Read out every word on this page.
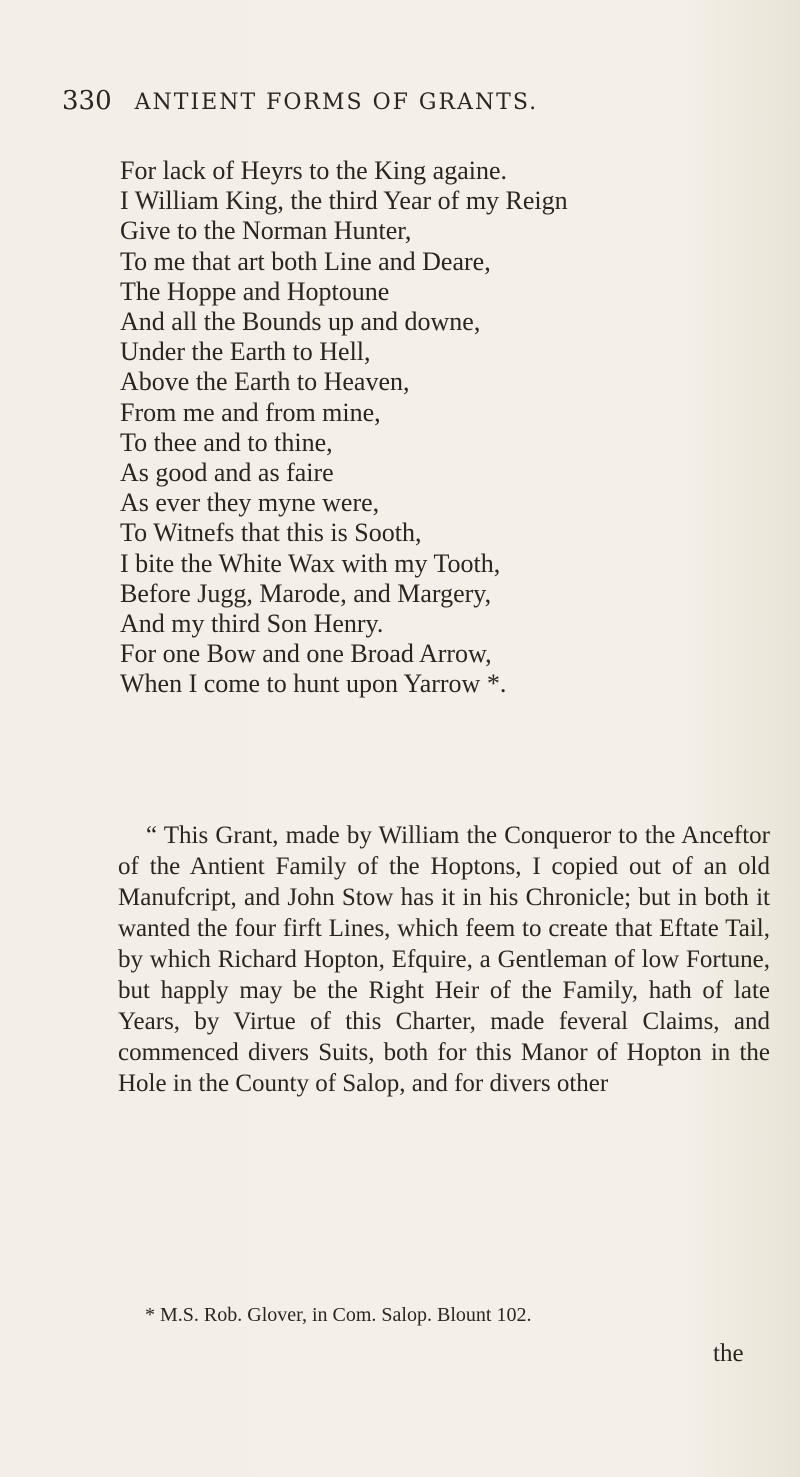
330 ANTIENT FORMS OF GRANTS.
For lack of Heyrs to the King againe.
I William King, the third Year of my Reign
Give to the Norman Hunter,
To me that art both Line and Deare,
The Hoppe and Hoptoune
And all the Bounds up and downe,
Under the Earth to Hell,
Above the Earth to Heaven,
From me and from mine,
To thee and to thine,
As good and as faire
As ever they myne were,
To Witnefs that this is Sooth,
I bite the White Wax with my Tooth,
Before Jugg, Marode, and Margery,
And my third Son Henry.
For one Bow and one Broad Arrow,
When I come to hunt upon Yarrow *.
“ This Grant, made by William the Conqueror to the Anceftor of the Antient Family of the Hoptons, I copied out of an old Manufcript, and John Stow has it in his Chronicle; but in both it wanted the four firft Lines, which feem to create that Eftate Tail, by which Richard Hopton, Efquire, a Gentleman of low Fortune, but happly may be the Right Heir of the Family, hath of late Years, by Virtue of this Charter, made feveral Claims, and commenced divers Suits, both for this Manor of Hopton in the Hole in the County of Salop, and for divers other
* M.S. Rob. Glover, in Com. Salop. Blount 102.
the
